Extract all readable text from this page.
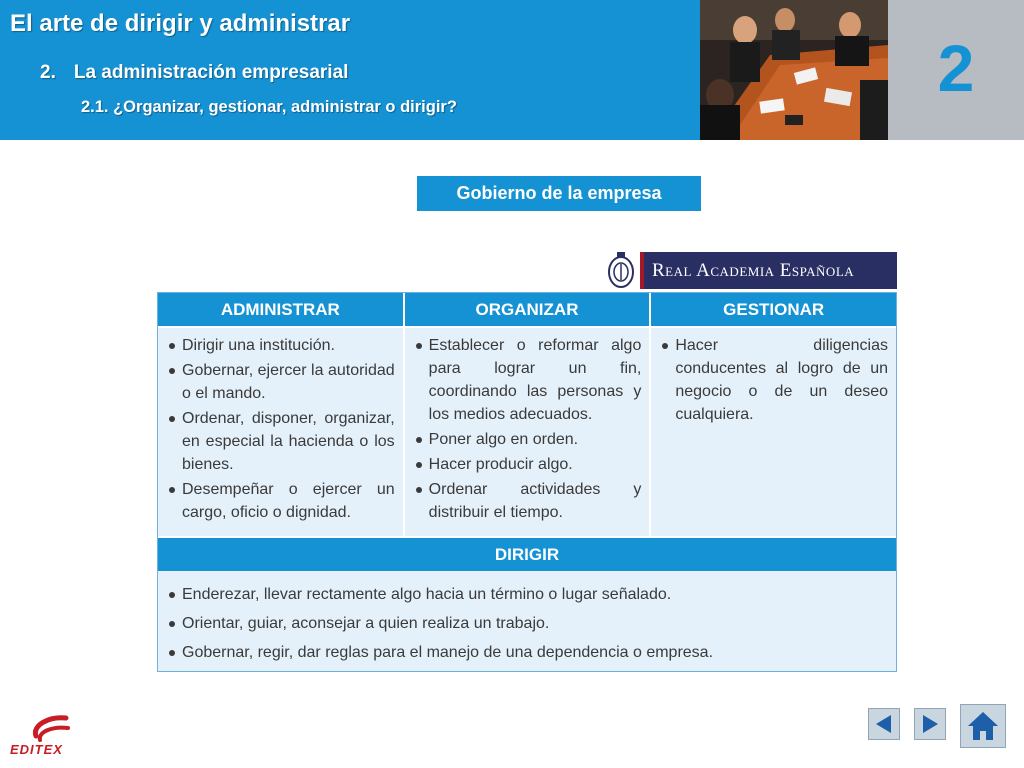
El arte de dirigir y administrar
2. La administración empresarial
2.1. ¿Organizar, gestionar, administrar o dirigir?
2
Gobierno de la empresa
Real Academia Española
ADMINISTRAR
Dirigir una institución.
Gobernar, ejercer la autoridad o el mando.
Ordenar, disponer, organizar, en especial la hacienda o los bienes.
Desempeñar o ejercer un cargo, oficio o dignidad.
ORGANIZAR
Establecer o reformar algo para lograr un fin, coordinando las personas y los medios adecuados.
Poner algo en orden.
Hacer producir algo.
Ordenar actividades y distribuir el tiempo.
GESTIONAR
Hacer diligencias conducentes al logro de un negocio o de un deseo cualquiera.
DIRIGIR
Enderezar, llevar rectamente algo hacia un término o lugar señalado.
Orientar, guiar, aconsejar a quien realiza un trabajo.
Gobernar, regir, dar reglas para el manejo de una dependencia o empresa.
EDITEX
